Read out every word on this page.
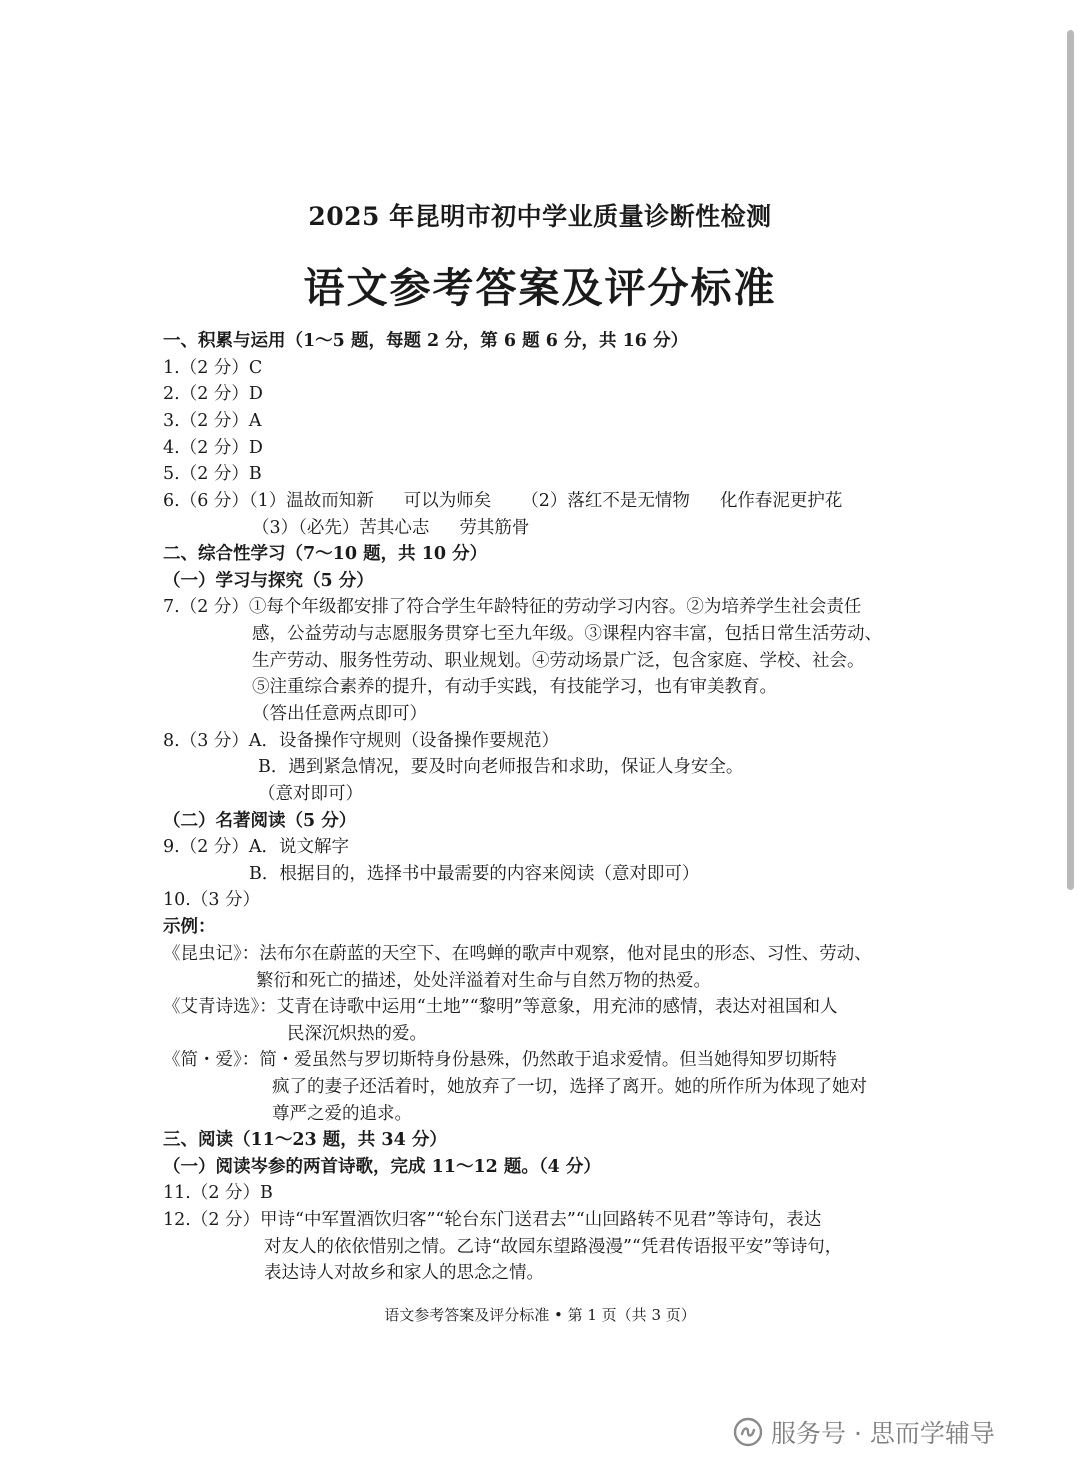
2025 年昆明市初中学业质量诊断性检测
语文参考答案及评分标准
一、积累与运用（1～5 题，每题 2 分，第 6 题 6 分，共 16 分）
1.（2 分）C
2.（2 分）D
3.（2 分）A
4.（2 分）D
5.（2 分）B
6.（6 分）（1）温故而知新 可以为师矣 （2）落红不是无情物 化作春泥更护花
（3）（必先）苦其心志 劳其筋骨
二、综合性学习（7～10 题，共 10 分）
（一）学习与探究（5 分）
7.（2 分）①每个年级都安排了符合学生年龄特征的劳动学习内容。②为培养学生社会责任
感，公益劳动与志愿服务贯穿七至九年级。③课程内容丰富，包括日常生活劳动、
生产劳动、服务性劳动、职业规划。④劳动场景广泛，包含家庭、学校、社会。
⑤注重综合素养的提升，有动手实践，有技能学习，也有审美教育。
（答出任意两点即可）
8.（3 分）A．设备操作守规则（设备操作要规范）
B．遇到紧急情况，要及时向老师报告和求助，保证人身安全。
（意对即可）
（二）名著阅读（5 分）
9.（2 分）A．说文解字
B．根据目的，选择书中最需要的内容来阅读（意对即可）
10.（3 分）
示例：
《昆虫记》：法布尔在蔚蓝的天空下、在鸣蝉的歌声中观察，他对昆虫的形态、习性、劳动、
繁衍和死亡的描述，处处洋溢着对生命与自然万物的热爱。
《艾青诗选》：艾青在诗歌中运用“土地”“黎明”等意象，用充沛的感情，表达对祖国和人
民深沉炽热的爱。
《简・爱》：简・爱虽然与罗切斯特身份悬殊，仍然敢于追求爱情。但当她得知罗切斯特
疯了的妻子还活着时，她放弃了一切，选择了离开。她的所作所为体现了她对
尊严之爱的追求。
三、阅读（11～23 题，共 34 分）
（一）阅读岑参的两首诗歌，完成 11～12 题。（4 分）
11.（2 分）B
12.（2 分）甲诗“中军置酒饮归客”“轮台东门送君去”“山回路转不见君”等诗句，表达
对友人的依依惜别之情。乙诗“故园东望路漫漫”“凭君传语报平安”等诗句，
表达诗人对故乡和家人的思念之情。
语文参考答案及评分标准 • 第 1 页（共 3 页）
服务号 · 思而学辅导
